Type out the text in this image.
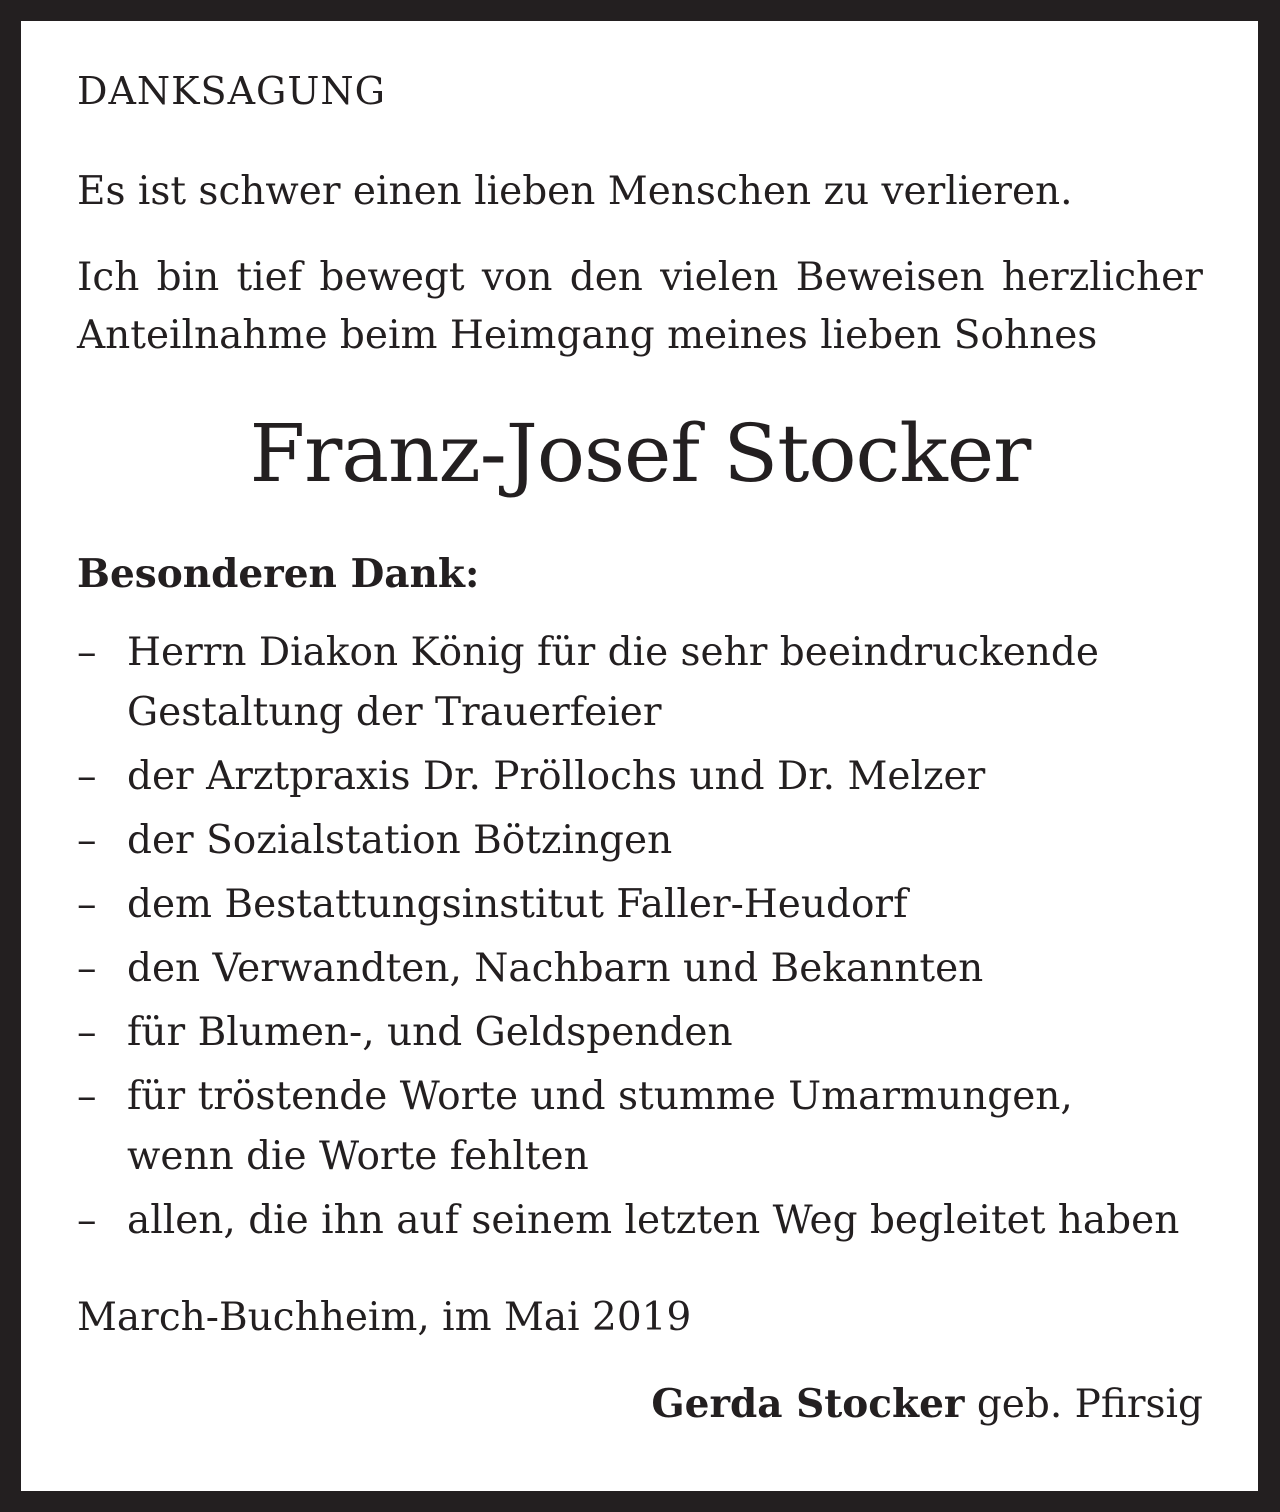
DANKSAGUNG
Es ist schwer einen lieben Menschen zu verlieren.
Ich bin tief bewegt von den vielen Beweisen herzlicher
Anteilnahme beim Heimgang meines lieben Sohnes
Franz-Josef Stocker
Besonderen Dank:
– Herrn Diakon König für die sehr beeindruckende
Gestaltung der Trauerfeier
– der Arztpraxis Dr. Pröllochs und Dr. Melzer
– der Sozialstation Bötzingen
– dem Bestattungsinstitut Faller-Heudorf
– den Verwandten, Nachbarn und Bekannten
– für Blumen-, und Geldspenden
– für tröstende Worte und stumme Umarmungen,
wenn die Worte fehlten
– allen, die ihn auf seinem letzten Weg begleitet haben
March-Buchheim, im Mai 2019
Gerda Stocker geb. Pfirsig
